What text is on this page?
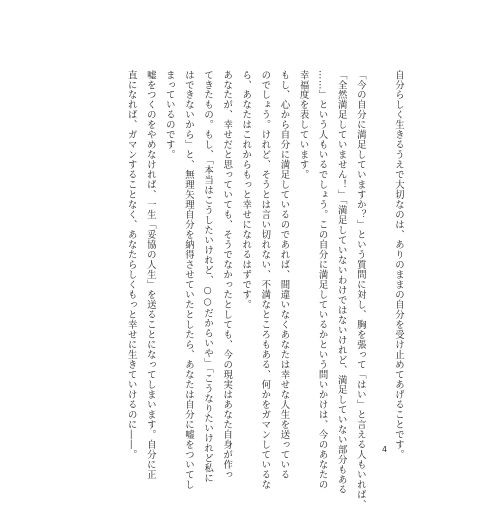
自分らしく生きるうえで大切なのは、ありのままの自分を受け止めてあげることです。
「今の自分に満足していますか？」という質問に対し、胸を張って「はい」と言える人もいれば、
「全然満足していません！」「満足していないわけではないけれど、満足していない部分もある
……」という人もいるでしょう。この自分に満足しているかという問いかけは、今のあなたの
幸福度を表しています。
もし、心から自分に満足しているのであれば、間違いなくあなたは幸せな人生を送っている
のでしょう。けれど、そうとは言い切れない、不満なところもある、何かをガマンしているな
ら、あなたはこれからもっと幸せになれるはずです。
あなたが、幸せだと思っていても、そうでなかったとしても、今の現実はあなた自身が作っ
てきたもの。もし、「本当はこうしたいけれど、○○だからいや」「こうなりたいけれど私に
はできないから」と、無理矢理自分を納得させていたとしたら、あなたは自分に嘘をついてし
まっているのです。
嘘をつくのをやめなければ、一生「妥協の人生」を送ることになってしまいます。自分に正
直になれば、ガマンすることなく、あなたらしくもっと幸せに生きていけるのに――。	4
